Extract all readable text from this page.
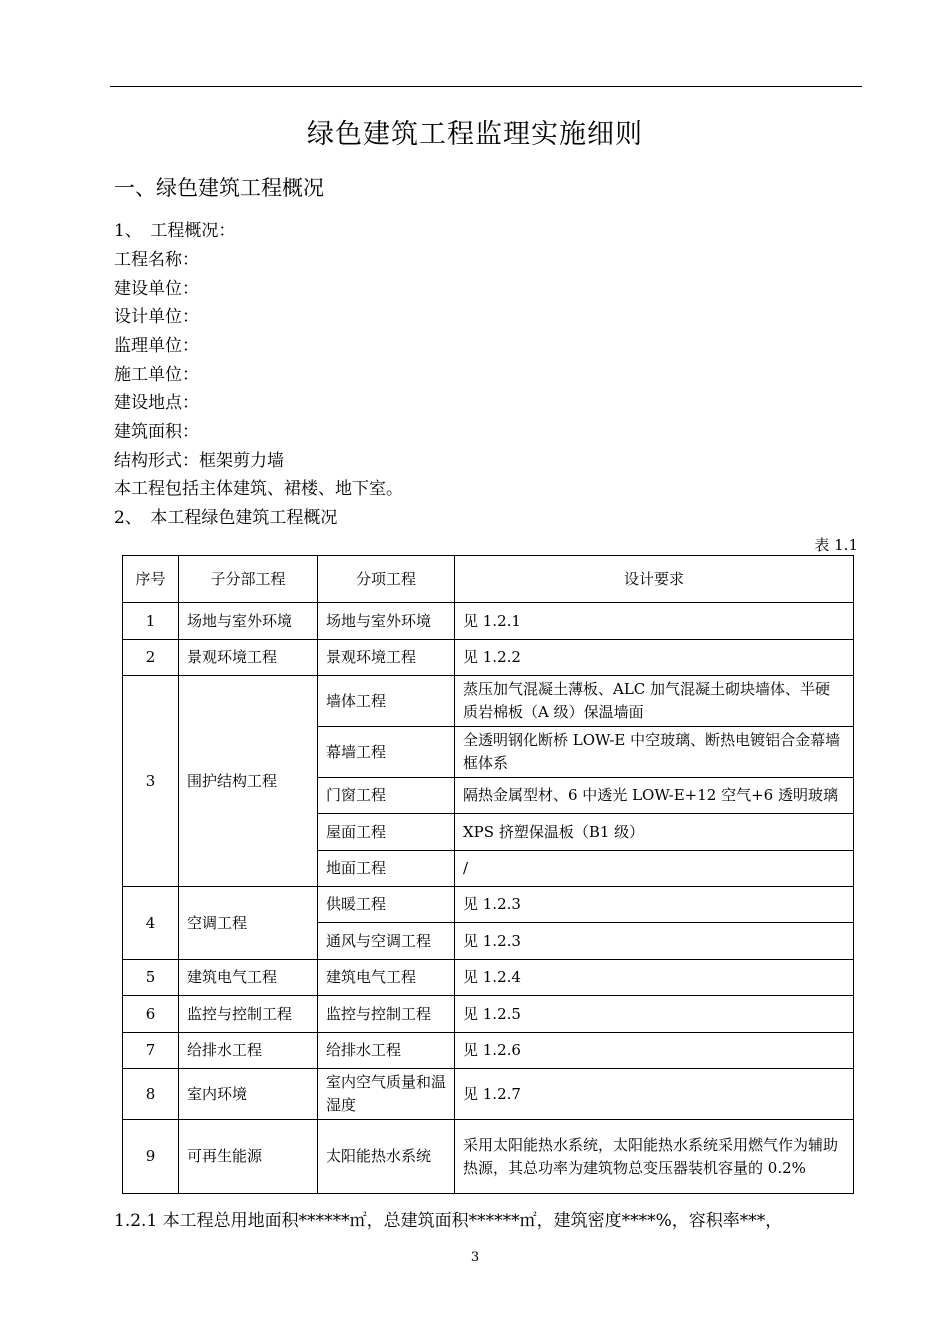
绿色建筑工程监理实施细则
一、绿色建筑工程概况
1、　工程概况：
工程名称：
建设单位：
设计单位：
监理单位：
施工单位：
建设地点：
建筑面积：
结构形式：框架剪力墙
本工程包括主体建筑、裙楼、地下室。
2、　本工程绿色建筑工程概况
表 1.1
序号	子分部工程	分项工程	设计要求
1	场地与室外环境	场地与室外环境	见 1.2.1
2	景观环境工程	景观环境工程	见 1.2.2
3	围护结构工程	墙体工程	蒸压加气混凝土薄板、ALC 加气混凝土砌块墙体、半硬质岩棉板（A 级）保温墙面
		幕墙工程	全透明钢化断桥 LOW-E 中空玻璃、断热电镀铝合金幕墙框体系
		门窗工程	隔热金属型材、6 中透光 LOW-E+12 空气+6 透明玻璃
		屋面工程	XPS 挤塑保温板（B1 级）
		地面工程	/
4	空调工程	供暖工程	见 1.2.3
		通风与空调工程	见 1.2.3
5	建筑电气工程	建筑电气工程	见 1.2.4
6	监控与控制工程	监控与控制工程	见 1.2.5
7	给排水工程	给排水工程	见 1.2.6
8	室内环境	室内空气质量和温湿度	见 1.2.7
9	可再生能源	太阳能热水系统	采用太阳能热水系统，太阳能热水系统采用燃气作为辅助热源，其总功率为建筑物总变压器装机容量的 0.2%
1.2.1 本工程总用地面积******㎡，总建筑面积******㎡，建筑密度****%，容积率***，
3
